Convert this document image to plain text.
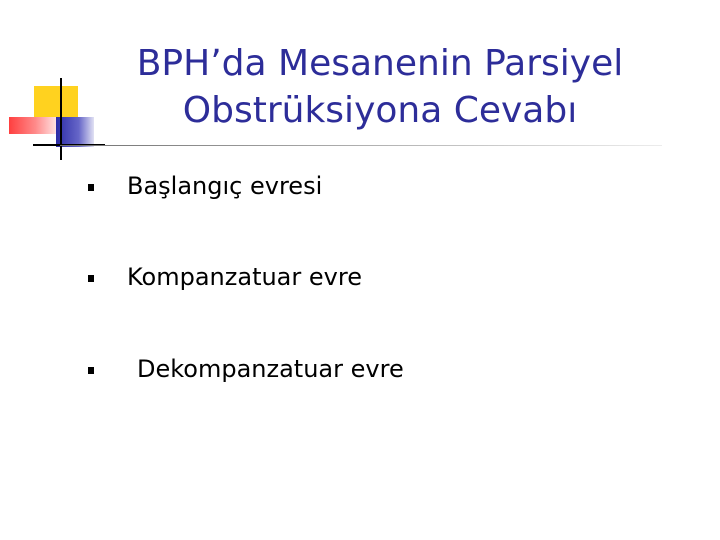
BPH’da Mesanenin Parsiyel
Obstrüksiyona Cevabı
Başlangıç evresi
Kompanzatuar evre
Dekompanzatuar evre
